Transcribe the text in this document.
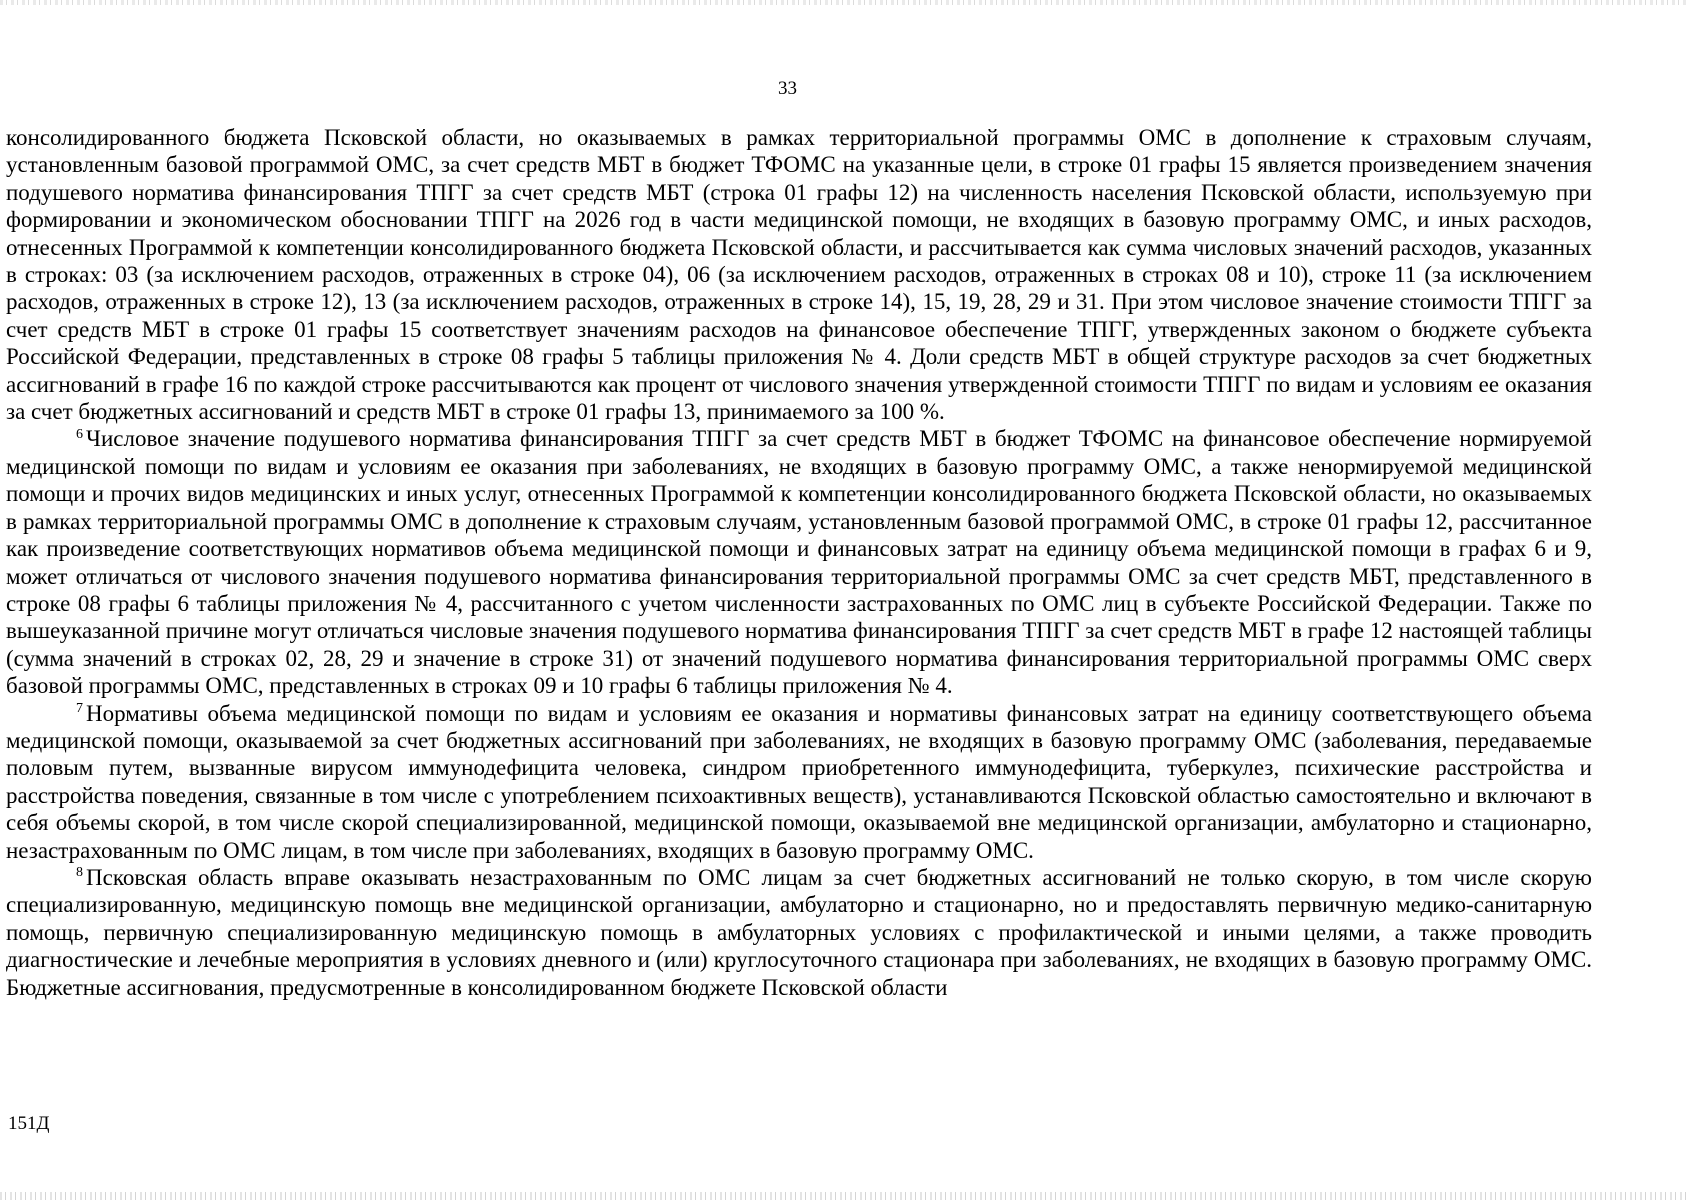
33

консолидированного бюджета Псковской области, но оказываемых в рамках территориальной программы ОМС в дополнение к страховым случаям, установленным базовой программой ОМС, за счет средств МБТ в бюджет ТФОМС на указанные цели, в строке 01 графы 15 является произведением значения подушевого норматива финансирования ТПГГ за счет средств МБТ (строка 01 графы 12) на численность населения Псковской области, используемую при формировании и экономическом обосновании ТПГГ на 2026 год в части медицинской помощи, не входящих в базовую программу ОМС, и иных расходов, отнесенных Программой к компетенции консолидированного бюджета Псковской области, и рассчитывается как сумма числовых значений расходов, указанных в строках: 03 (за исключением расходов, отраженных в строке 04), 06 (за исключением расходов, отраженных в строках 08 и 10), строке 11 (за исключением расходов, отраженных в строке 12), 13 (за исключением расходов, отраженных в строке 14), 15, 19, 28, 29 и 31. При этом числовое значение стоимости ТПГГ за счет средств МБТ в строке 01 графы 15 соответствует значениям расходов на финансовое обеспечение ТПГГ, утвержденных законом о бюджете субъекта Российской Федерации, представленных в строке 08 графы 5 таблицы приложения № 4. Доли средств МБТ в общей структуре расходов за счет бюджетных ассигнований в графе 16 по каждой строке рассчитываются как процент от числового значения утвержденной стоимости ТПГГ по видам и условиям ее оказания за счет бюджетных ассигнований и средств МБТ в строке 01 графы 13, принимаемого за 100 %.

$^6$ Числовое значение подушевого норматива финансирования ТПГГ за счет средств МБТ в бюджет ТФОМС на финансовое обеспечение нормируемой медицинской помощи по видам и условиям ее оказания при заболеваниях, не входящих в базовую программу ОМС, а также ненормируемой медицинской помощи и прочих видов медицинских и иных услуг, отнесенных Программой к компетенции консолидированного бюджета Псковской области, но оказываемых в рамках территориальной программы ОМС в дополнение к страховым случаям, установленным базовой программой ОМС, в строке 01 графы 12, рассчитанное как произведение соответствующих нормативов объема медицинской помощи и финансовых затрат на единицу объема медицинской помощи в графах 6 и 9, может отличаться от числового значения подушевого норматива финансирования территориальной программы ОМС за счет средств МБТ, представленного в строке 08 графы 6 таблицы приложения № 4, рассчитанного с учетом численности застрахованных по ОМС лиц в субъекте Российской Федерации. Также по вышеуказанной причине могут отличаться числовые значения подушевого норматива финансирования ТПГГ за счет средств МБТ в графе 12 настоящей таблицы (сумма значений в строках 02, 28, 29 и значение в строке 31) от значений подушевого норматива финансирования территориальной программы ОМС сверх базовой программы ОМС, представленных в строках 09 и 10 графы 6 таблицы приложения № 4.

$^7$ Нормативы объема медицинской помощи по видам и условиям ее оказания и нормативы финансовых затрат на единицу соответствующего объема медицинской помощи, оказываемой за счет бюджетных ассигнований при заболеваниях, не входящих в базовую программу ОМС (заболевания, передаваемые половым путем, вызванные вирусом иммунодефицита человека, синдром приобретенного иммунодефицита, туберкулез, психические расстройства и расстройства поведения, связанные в том числе с употреблением психоактивных веществ), устанавливаются Псковской областью самостоятельно и включают в себя объемы скорой, в том числе скорой специализированной, медицинской помощи, оказываемой вне медицинской организации, амбулаторно и стационарно, незастрахованным по ОМС лицам, в том числе при заболеваниях, входящих в базовую программу ОМС.

$^8$ Псковская область вправе оказывать незастрахованным по ОМС лицам за счет бюджетных ассигнований не только скорую, в том числе скорую специализированную, медицинскую помощь вне медицинской организации, амбулаторно и стационарно, но и предоставлять первичную медико-санитарную помощь, первичную специализированную медицинскую помощь в амбулаторных условиях с профилактической и иными целями, а также проводить диагностические и лечебные мероприятия в условиях дневного и (или) круглосуточного стационара при заболеваниях, не входящих в базовую программу ОМС. Бюджетные ассигнования, предусмотренные в консолидированном бюджете Псковской области

151Д
